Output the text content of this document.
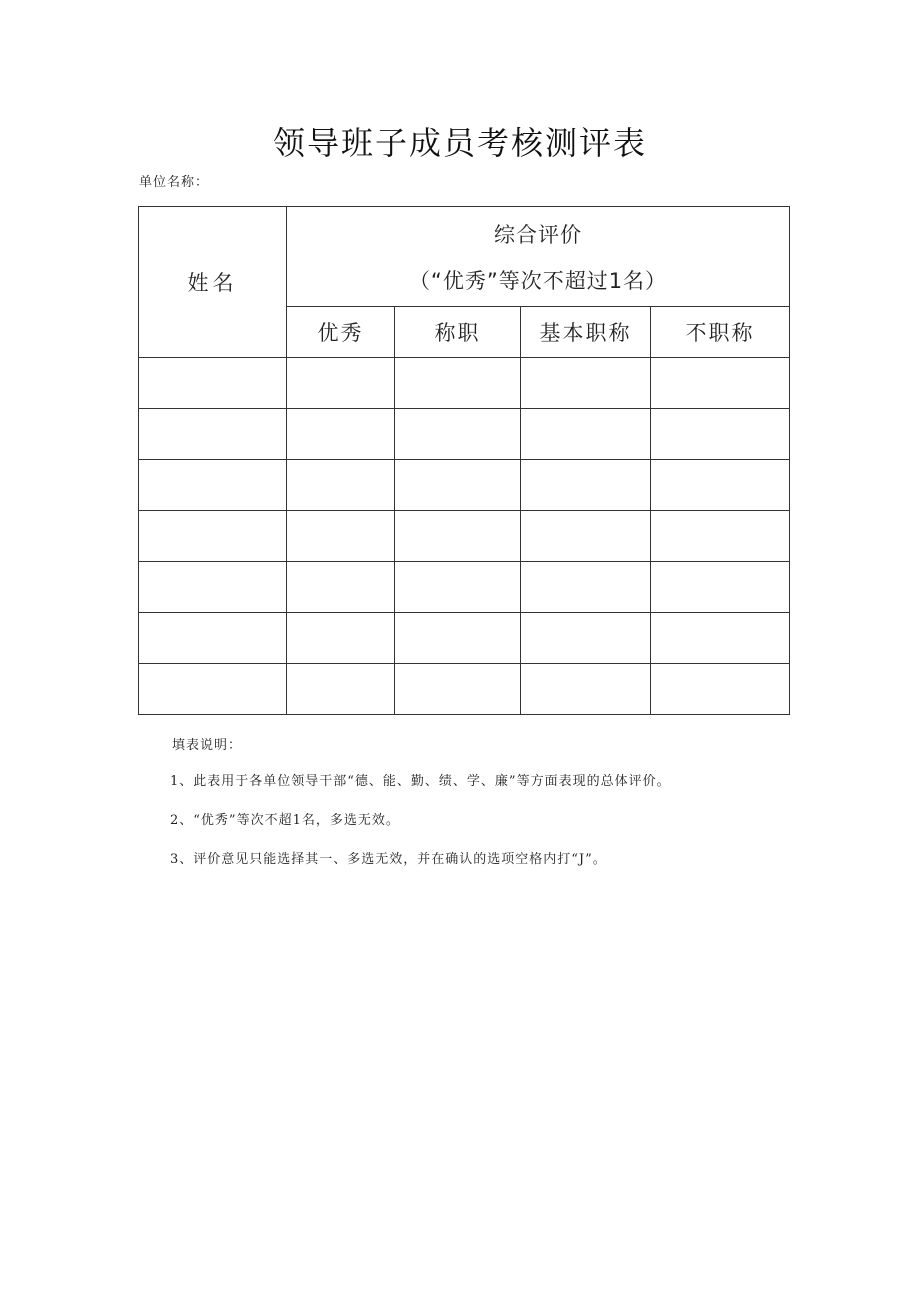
领导班子成员考核测评表
单位名称：
姓名	综合评价
（“优秀”等次不超过1名）			

	优秀	称职	基本职称	不职称

填表说明：
1、此表用于各单位领导干部“德、能、勤、绩、学、廉”等方面表现的总体评价。
2、“优秀”等次不超1名，多选无效。
3、评价意见只能选择其一、多选无效，并在确认的选项空格内打“J”。
